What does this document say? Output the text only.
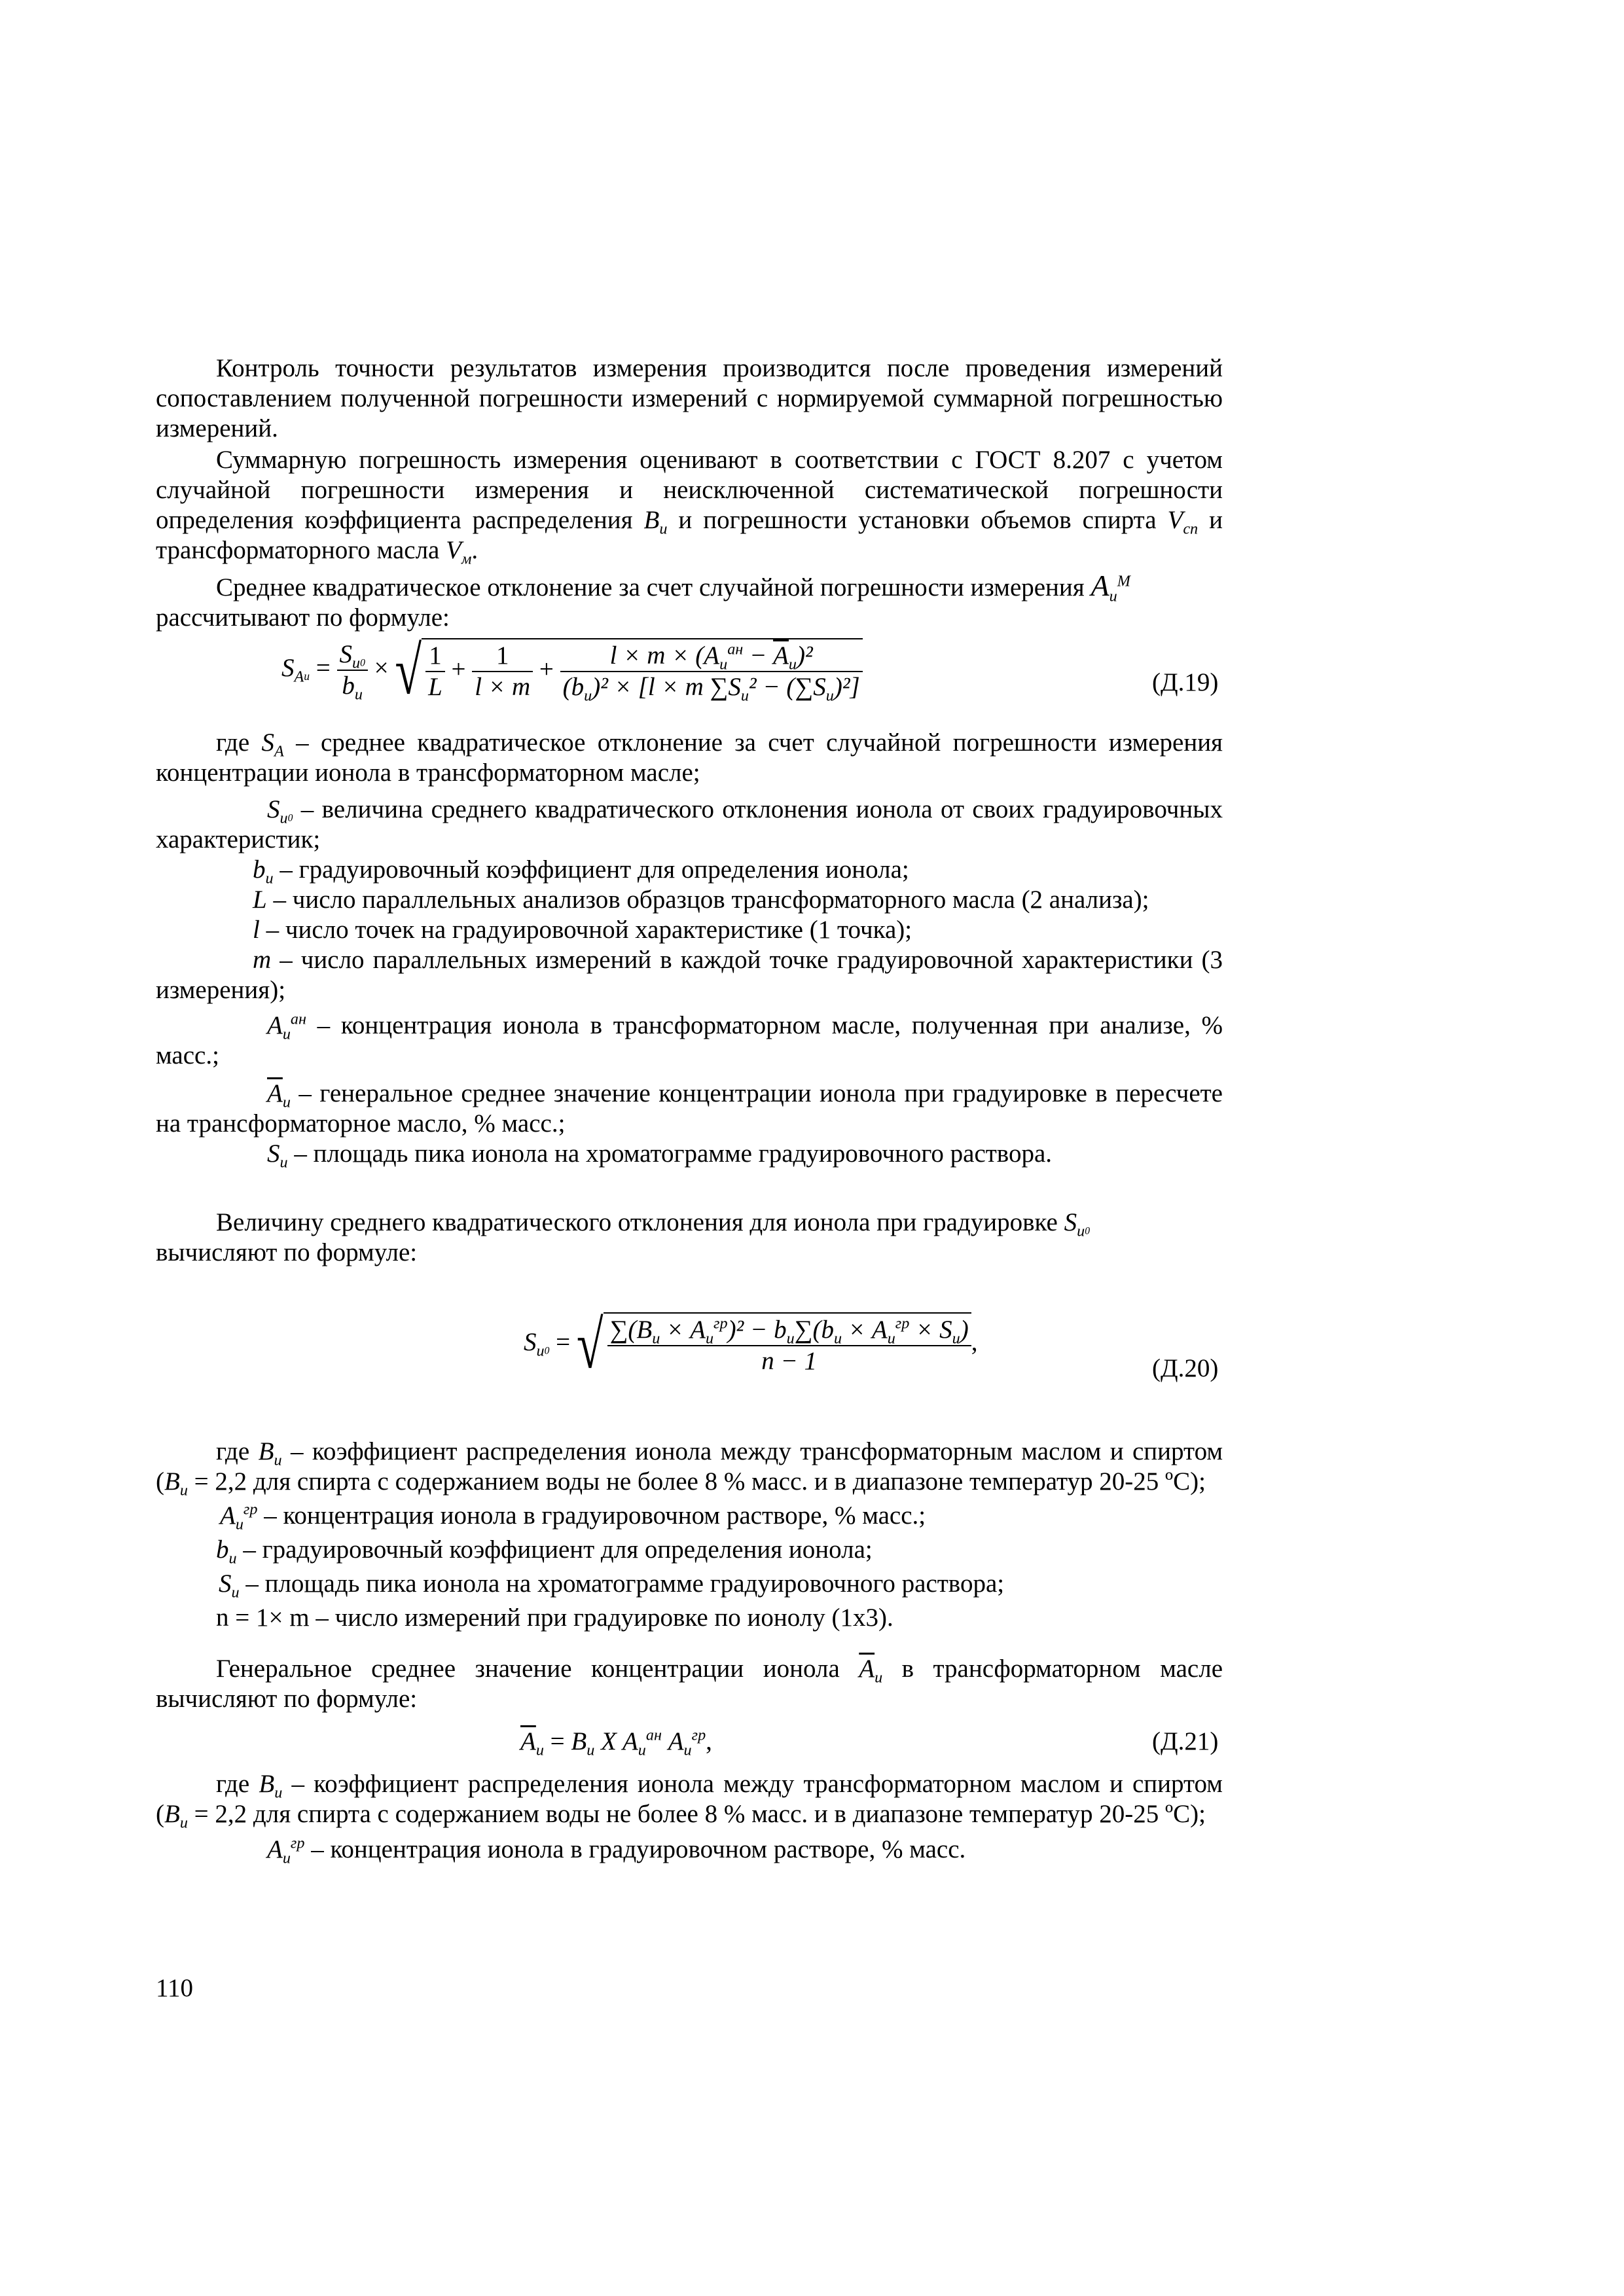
Контроль точности результатов измерения производится после проведения измерений сопоставлением полученной погрешности измерений с нормируемой суммарной погрешностью измерений.

Суммарную погрешность измерения оценивают в соответствии с ГОСТ 8.207 с учетом случайной погрешности измерения и неисключенной систематической погрешности определения коэффициента распределения $B_и$ и погрешности установки объемов спирта $V_{сп}$ и трансформаторного масла $V_м$.

Среднее квадратическое отклонение за счет случайной погрешности измерения $A_и^М$

рассчитывают по формуле:

$S_{Aи} = \frac{S_{и0}}{b_и}$ × √ $\frac{1}{L} + \frac{1}{l \times m} + \frac{l \times m \times (A_и^{ан} - \overline{A}_и)^2}{(b_и)^2 \times [l \times m \sum S_и^2 - (\sum S_и)^2]}$	(Д.19)

где $S_A$ – среднее квадратическое отклонение за счет случайной погрешности измерения концентрации ионола в трансформаторном масле;

$S_{и0}$ – величина среднего квадратического отклонения ионола от своих градуировочных характеристик;

$b_и$ – градуировочный коэффициент для определения ионола;

L – число параллельных анализов образцов трансформаторного масла (2 анализа);

l – число точек на градуировочной характеристике (1 точка);

m – число параллельных измерений в каждой точке градуировочной характеристики (3 измерения);

$A_и^{ан}$ – концентрация ионола в трансформаторном масле, полученная при анализе, % масс.;

$\overline{A}_и$ – генеральное среднее значение концентрации ионола при градуировке в пересчете на трансформаторное масло, % масс.;

$S_и$ – площадь пика ионола на хроматограмме градуировочного раствора.

Величину среднего квадратического отклонения для ионола при градуировке $S_{и0}$

вычисляют по формуле:

$S_{и0}$ = √ $\frac{\sum(B_и \times A_и^{гр})^2 - b_и\sum(b_и \times A_и^{гр} \times S_и)}{n - 1}$ ,
(Д.20)

где $B_и$ – коэффициент распределения ионола между трансформаторным маслом и спиртом ($B_и = 2,2$ для спирта с содержанием воды не более 8 % масс. и в диапазоне температур 20-25 ºC);

$A_и^{гр}$ – концентрация ионола в градуировочном растворе, % масс.;

$b_и$ – градуировочный коэффициент для определения ионола;

$S_и$ – площадь пика ионола на хроматограмме градуировочного раствора;

n = 1× m – число измерений при градуировке по ионолу (1x3).

Генеральное среднее значение концентрации ионола $\overline{A}_и$ в трансформаторном масле вычисляют по формуле:

$\overline{A}_и = B_и$ X $A_и^{ан}$ $A_и^{гр}$,	(Д.21)

где $B_и$ – коэффициент распределения ионола между трансформаторном маслом и спиртом ($B_и = 2,2$ для спирта с содержанием воды не более 8 % масс. и в диапазоне температур 20-25 ºC);

$A_и^{гр}$ – концентрация ионола в градуировочном растворе, % масс.

110
